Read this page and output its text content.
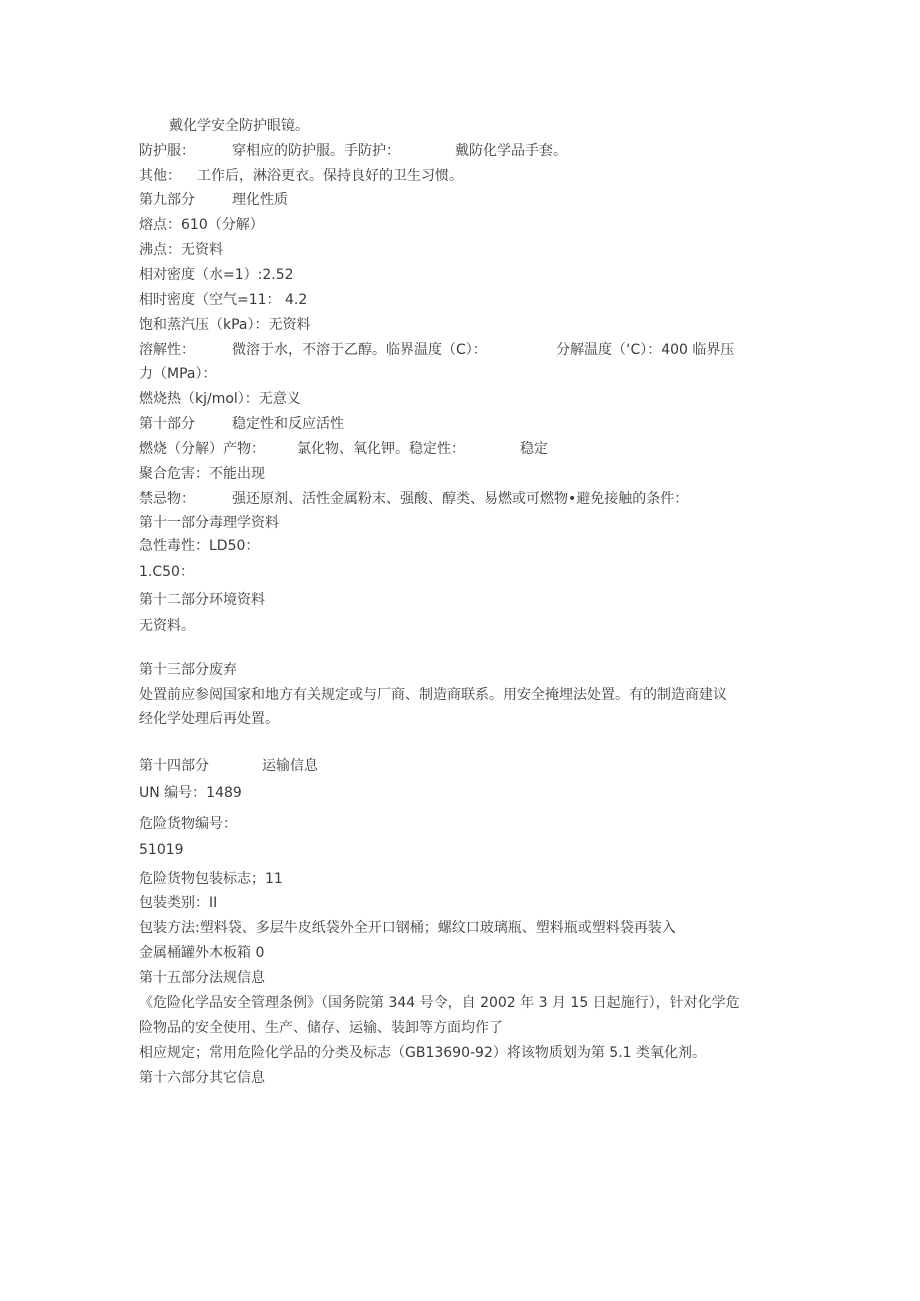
戴化学安全防护眼镜。
防护服：	穿相应的防护服。手防护：	戴防化学品手套。
其他： 工作后，淋浴更衣。保持良好的卫生习惯。
第九部分	理化性质
熔点：610（分解）
沸点：无资料
相对密度（水=1）:2.52
相时密度（空气=11： 4.2
饱和蒸汽压（kPa）：无资料
溶解性：	微溶于水，不溶于乙醇。临界温度（C）：	分解温度（‘C）：400 临界压
力（MPa）：
燃烧热（kj∕mol）：无意义
第十部分	稳定性和反应活性
燃烧（分解）产物： 氯化物、氧化钾。稳定性：	稳定
聚合危害：不能出现
禁忌物：	强还原剂、活性金属粉末、强酸、醇类、易燃或可燃物•避免接触的条件：
第十一部分毒理学资料
急性毒性：LD50：
1.C50：
第十二部分环境资料
无资料。
第十三部分废弃
处置前应参阅国家和地方有关规定或与厂商、制造商联系。用安全掩埋法处置。有的制造商建议
经化学处理后再处置。
第十四部分	运输信息
UN 编号：1489
危险货物编号：
51019
危险货物包装标志；11
包装类别：II
包装方法:塑料袋、多层牛皮纸袋外全开口钢桶；螺纹口玻璃瓶、塑料瓶或塑料袋再装入
金属桶罐外木板箱 0
第十五部分法规信息
《危险化学品安全管理条例》（国务院第 344 号令，自 2002 年 3 月 15 日起施行），针对化学危
险物品的安全使用、生产、储存、运输、装卸等方面均作了
相应规定；常用危险化学品的分类及标志（GB13690-92）将该物质划为第 5.1 类氧化剂。
第十六部分其它信息
